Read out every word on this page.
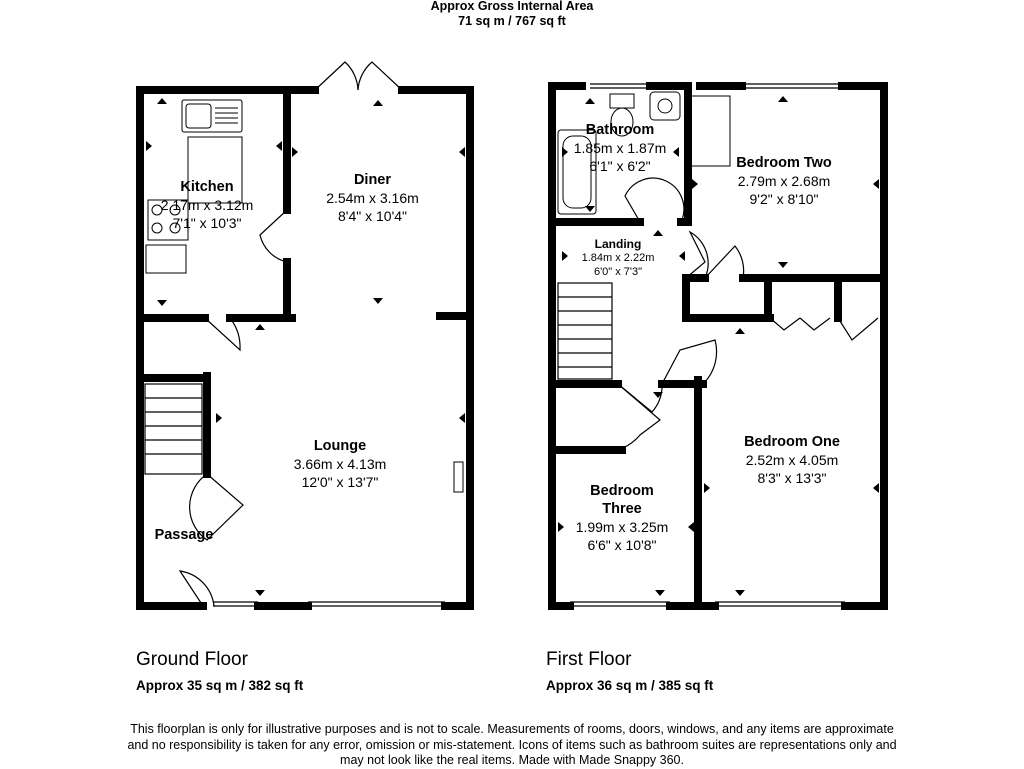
Approx Gross Internal Area
71 sq m / 767 sq ft
Kitchen
2.17m x 3.12m
7'1" x 10'3"
Diner
2.54m x 3.16m
8'4" x 10'4"
Lounge
3.66m x 4.13m
12'0" x 13'7"
Passage
Bathroom
1.85m x 1.87m
6'1" x 6'2"	Bedroom Two
2.79m x 2.68m
9'2" x 8'10"
Landing
1.84m x 2.22m
6'0" x 7'3"
Bedroom One
2.52m x 4.05m
8'3" x 13'3"
Bedroom
Three
1.99m x 3.25m
6'6" x 10'8"
Ground Floor
Approx 35 sq m / 382 sq ft
First Floor
Approx 36 sq m / 385 sq ft
This floorplan is only for illustrative purposes and is not to scale. Measurements of rooms, doors, windows, and any items are approximate
and no responsibility is taken for any error, omission or mis-statement. Icons of items such as bathroom suites are representations only and
may not look like the real items. Made with Made Snappy 360.
